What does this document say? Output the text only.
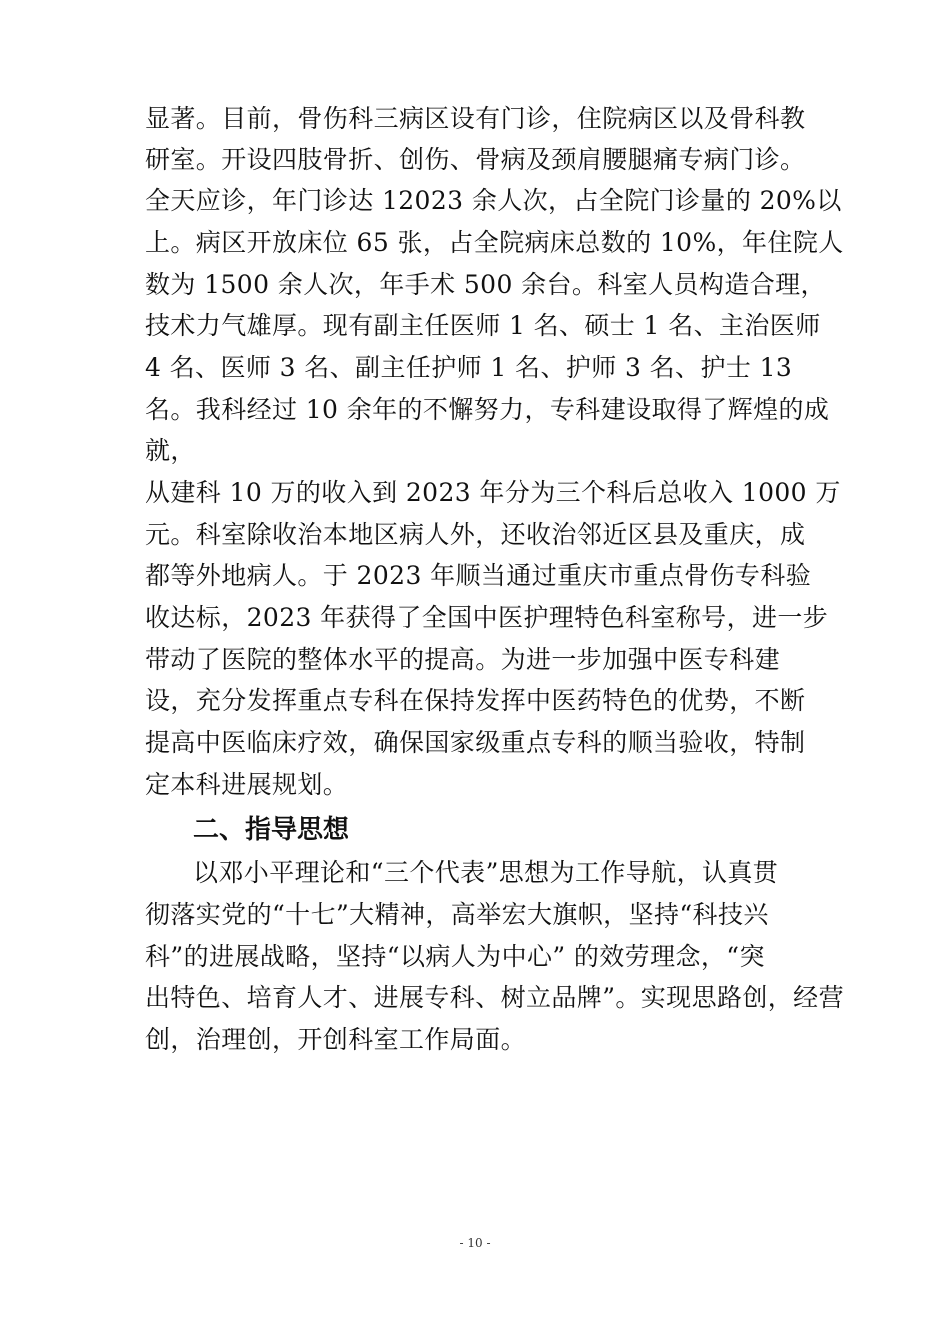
显著。目前，骨伤科三病区设有门诊，住院病区以及骨科教
研室。开设四肢骨折、创伤、骨病及颈肩腰腿痛专病门诊。
全天应诊，年门诊达 12023 余人次，占全院门诊量的 20%以
上。病区开放床位 65 张，占全院病床总数的 10%，年住院人
数为 1500 余人次，年手术 500 余台。科室人员构造合理，
技术力气雄厚。现有副主任医师 1 名、硕士 1 名、主治医师
4 名、医师 3 名、副主任护师 1 名、护师 3 名、护士 13
名。我科经过 10 余年的不懈努力，专科建设取得了辉煌的成
就，
从建科 10 万的收入到 2023 年分为三个科后总收入 1000 万
元。科室除收治本地区病人外，还收治邻近区县及重庆，成
都等外地病人。于 2023 年顺当通过重庆市重点骨伤专科验
收达标，2023 年获得了全国中医护理特色科室称号，进一步
带动了医院的整体水平的提高。为进一步加强中医专科建
设，充分发挥重点专科在保持发挥中医药特色的优势，不断
提高中医临床疗效，确保国家级重点专科的顺当验收，特制
定本科进展规划。
二、指导思想
以邓小平理论和“三个代表”思想为工作导航，认真贯
彻落实党的“十七”大精神，高举宏大旗帜，坚持“科技兴
科”的进展战略，坚持“以病人为中心” 的效劳理念，“突
出特色、培育人才、进展专科、树立品牌”。实现思路创，经营
创，治理创，开创科室工作局面。
- 10 -
